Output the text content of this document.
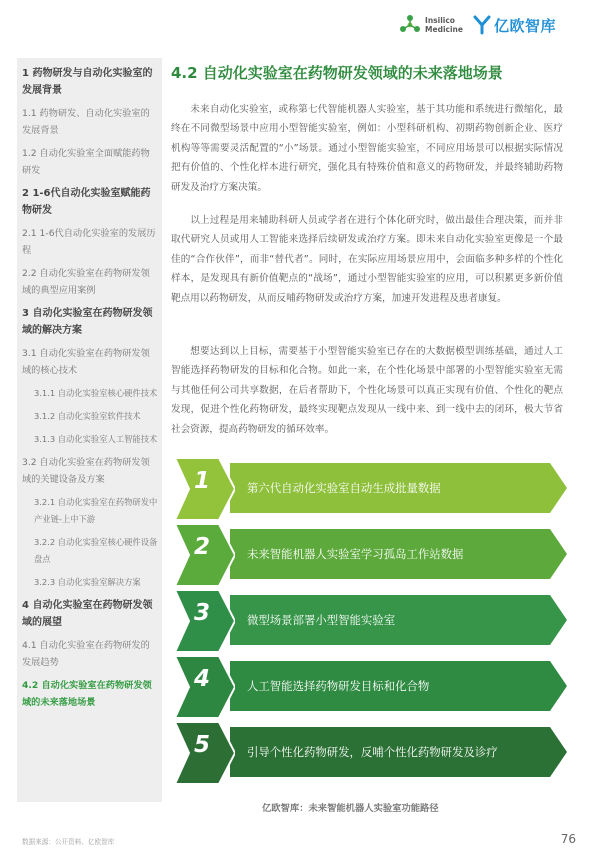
Insilico
Medicine 亿欧智库
1 药物研发与自动化实验室的发展背景
1.1 药物研发、自动化实验室的发展背景
1.2 自动化实验室全面赋能药物研发
2 1-6代自动化实验室赋能药物研发
2.1 1-6代自动化实验室的发展历程
2.2 自动化实验室在药物研发领域的典型应用案例
3 自动化实验室在药物研发领域的解决方案
3.1 自动化实验室在药物研发领域的核心技术
3.1.1 自动化实验室核心硬件技术
3.1.2 自动化实验室软件技术
3.1.3 自动化实验室人工智能技术
3.2 自动化实验室在药物研发领域的关键设备及方案
3.2.1 自动化实验室在药物研发中产业链-上中下游
3.2.2 自动化实验室核心硬件设备盘点
3.2.3 自动化实验室解决方案
4 自动化实验室在药物研发领域的展望
4.1 自动化实验室在药物研发的发展趋势
4.2 自动化实验室在药物研发领域的未来落地场景
4.2 自动化实验室在药物研发领域的未来落地场景

未来自动化实验室，或称第七代智能机器人实验室，基于其功能和系统进行微缩化，最终在不同微型场景中应用小型智能实验室，例如：小型科研机构、初期药物创新企业、医疗机构等等需要灵活配置的“小”场景。通过小型智能实验室，不同应用场景可以根据实际情况把有价值的、个性化样本进行研究，强化具有特殊价值和意义的药物研发，并最终辅助药物研发及治疗方案决策。

以上过程是用来辅助科研人员或学者在进行个体化研究时，做出最佳合理决策，而并非取代研究人员或用人工智能来选择后续研发或治疗方案。即未来自动化实验室更像是一个最佳的“合作伙伴”，而非“替代者”。同时，在实际应用场景应用中，会面临多种多样的个性化样本，是发现具有新价值靶点的“战场”，通过小型智能实验室的应用，可以积累更多新价值靶点用以药物研发，从而反哺药物研发或治疗方案，加速开发进程及患者康复。

想要达到以上目标，需要基于小型智能实验室已存在的大数据模型训练基础，通过人工智能选择药物研发的目标和化合物。如此一来，在个性化场景中部署的小型智能实验室无需与其他任何公司共享数据，在后者帮助下，个性化场景可以真正实现有价值、个性化的靶点发现，促进个性化药物研发，最终实现靶点发现从一线中来、到一线中去的闭环，极大节省社会资源，提高药物研发的循环效率。

第六代自动化实验室自动生成批量数据
1
未来智能机器人实验室学习孤岛工作站数据
2
微型场景部署小型智能实验室
3
人工智能选择药物研发目标和化合物
4
引导个性化药物研发，反哺个性化药物研发及诊疗
5
亿欧智库：未来智能机器人实验室功能路径
数据来源：公开资料、亿欧智库	76
